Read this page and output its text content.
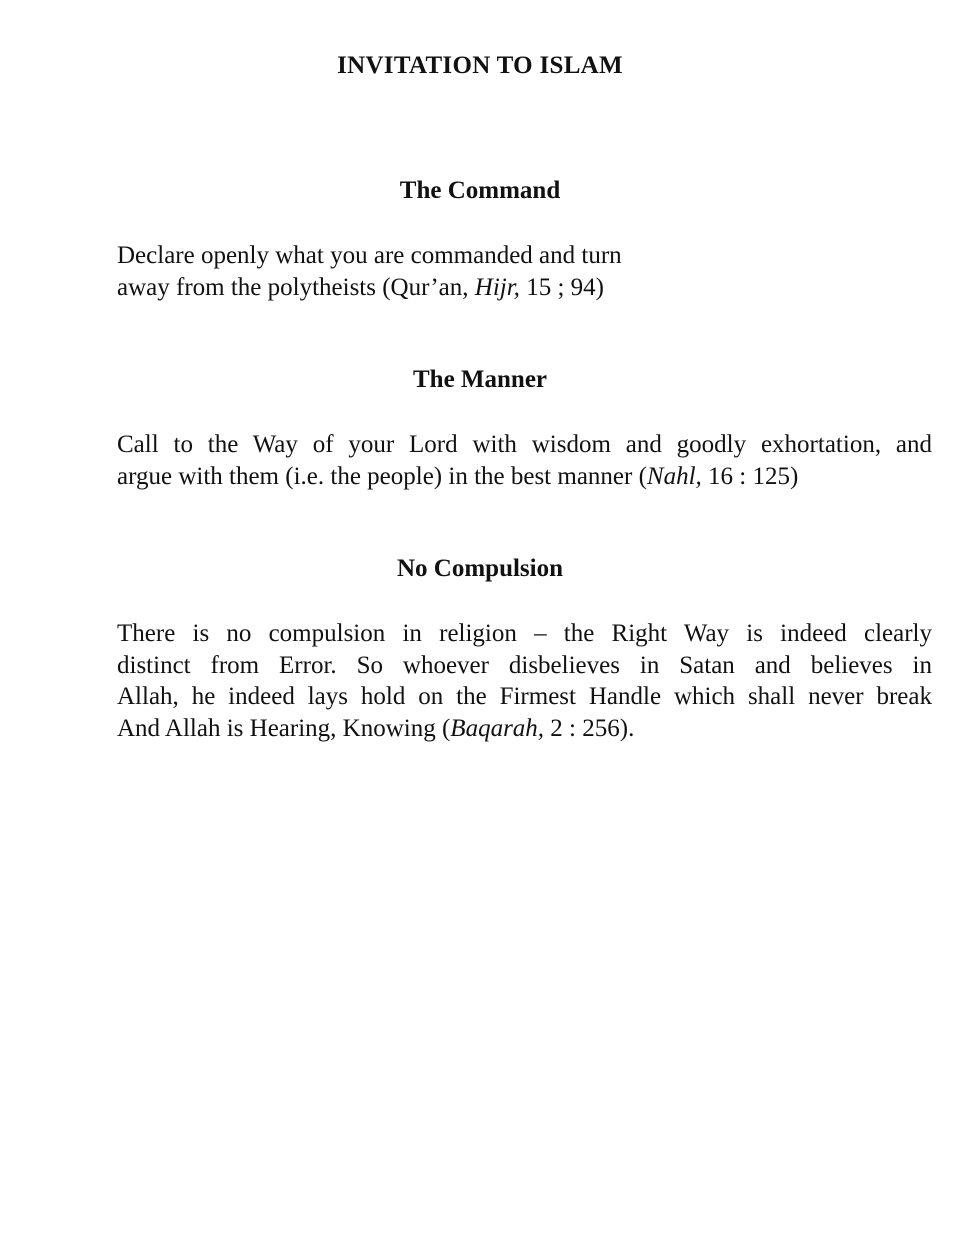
INVITATION TO ISLAM
The Command

Declare openly what you are commanded and turn
away from the polytheists (Qur’an, Hijr, 15 ; 94)

The Manner

Call to the Way of your Lord with wisdom and goodly exhortation, and
argue with them (i.e. the people) in the best manner (Nahl, 16 : 125)

No Compulsion

There is no compulsion in religion – the Right Way is indeed clearly
distinct from Error. So whoever disbelieves in Satan and believes in
Allah, he indeed lays hold on the Firmest Handle which shall never break
And Allah is Hearing, Knowing (Baqarah, 2 : 256).
